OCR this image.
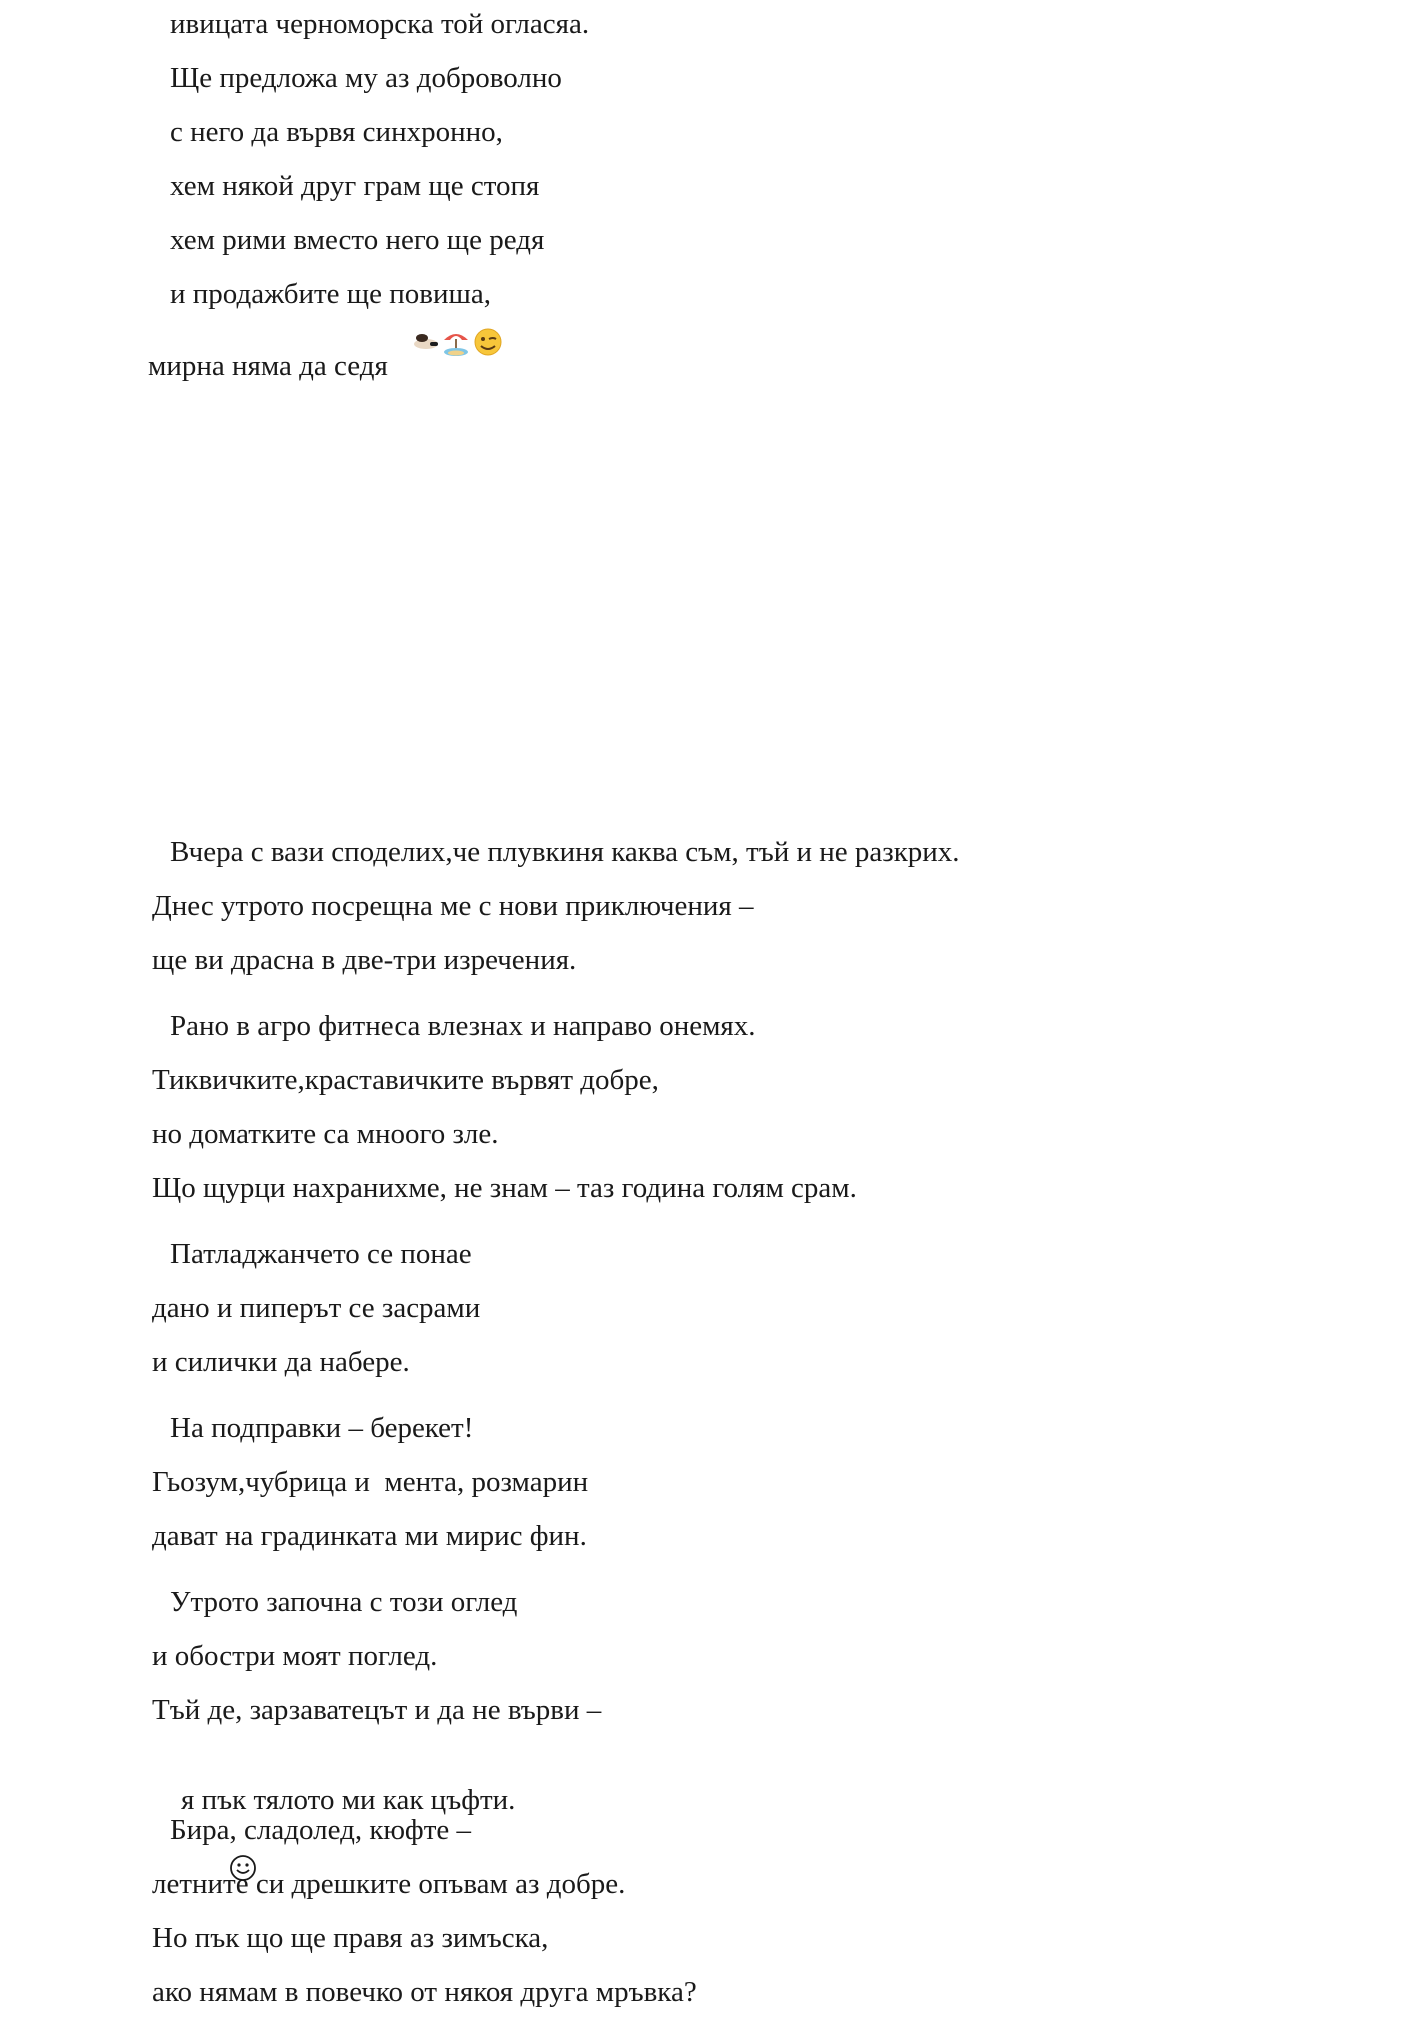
ивицата черноморска той огласяa.
Ще предложа му аз доброволно
с него да вървя синхронно,
хем някой друг грам ще стопя
хем рими вместо него ще редя
и продажбите ще повиша,
мирна няма да седя
Вчера с вази споделих,че плувкиня каква съм, тъй и не разкрих.
Днес утрото посрещна ме с нови приключения –
ще ви драсна в две-три изречения.
Рано в агро фитнеса влезнах и направо онемях.
Тиквичките,краставичките вървят добре,
но доматките са мноого зле.
Що щурци нахранихме, не знам – таз година голям срам.
Патладжанчето се понае
дано и пиперът се засрами
и силички да набере.
На подправки – берекет!
Гьозум,чубрица и  мента, розмарин
дават на градинката ми мирис фин.
Утрото започна с този оглед
и обостри моят поглед.
Тъй де, зарзаватецът и да не върви –

я пък тялото ми как цъфти.

Бира, сладолед, кюфте –
летните си дрешките опъвам аз добре.
Но пък що ще правя аз зимъска,
ако нямам в повечко от някоя друга мръвка?
